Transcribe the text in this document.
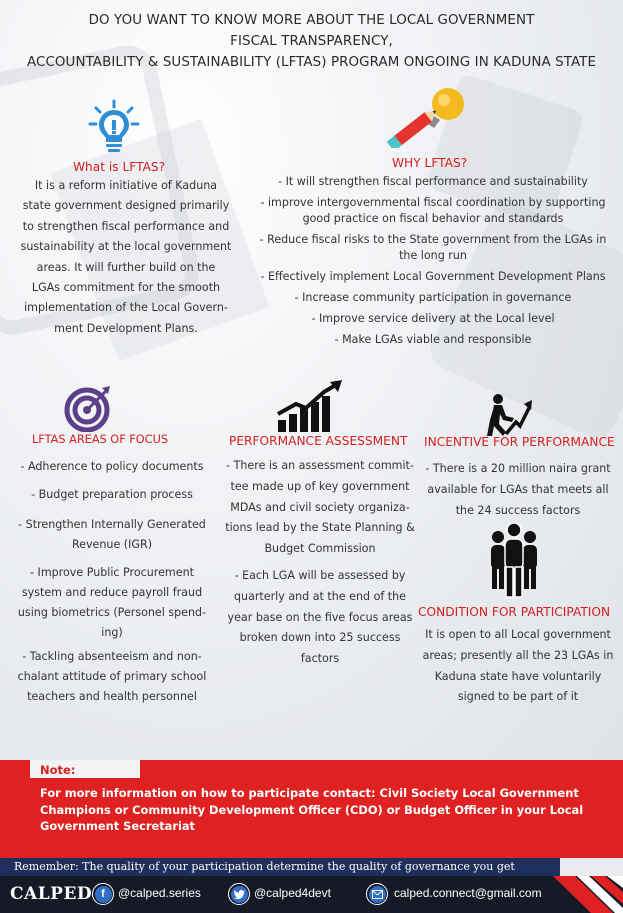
DO YOU WANT TO KNOW MORE ABOUT THE LOCAL GOVERNMENT
FISCAL TRANSPARENCY,
ACCOUNTABILITY & SUSTAINABILITY (LFTAS) PROGRAM ONGOING IN KADUNA STATE
What is LFTAS?
It is a reform initiative of Kaduna
state government designed primarily
to strengthen fiscal performance and
sustainability at the local government
areas. It will further build on the
LGAs commitment for the smooth
implementation of the Local Govern-
ment Development Plans.
WHY LFTAS?
- It will strengthen fiscal performance and sustainability
- improve intergovernmental fiscal coordination by supporting
good practice on fiscal behavior and standards
- Reduce fiscal risks to the State government from the LGAs in
the long run
- Effectively implement Local Government Development Plans
- Increase community participation in governance
- Improve service delivery at the Local level
- Make LGAs viable and responsible
LFTAS AREAS OF FOCUS
- Adherence to policy documents
- Budget preparation process
- Strengthen Internally Generated
Revenue (IGR)
- Improve Public Procurement
system and reduce payroll fraud
using biometrics (Personel spend-
ing)
- Tackling absenteeism and non-
chalant attitude of primary school
teachers and health personnel
PERFORMANCE ASSESSMENT
- There is an assessment commit-
tee made up of key government
MDAs and civil society organiza-
tions lead by the State Planning &
Budget Commission
- Each LGA will be assessed by
quarterly and at the end of the
year base on the five focus areas
broken down into 25 success
factors
INCENTIVE FOR PERFORMANCE
- There is a 20 million naira grant
available for LGAs that meets all
the 24 success factors
CONDITION FOR PARTICIPATION
It is open to all Local government
areas; presently all the 23 LGAs in
Kaduna state have voluntarily
signed to be part of it
Note:
For more information on how to participate contact: Civil Society Local Government Champions or Community Development Officer (CDO) or Budget Officer in your Local Government Secretariat
Remember: The quality of your participation determine the quality of governance you get
CALPED f	@calped.series	@calped4devt	calped.connect@gmail.com
